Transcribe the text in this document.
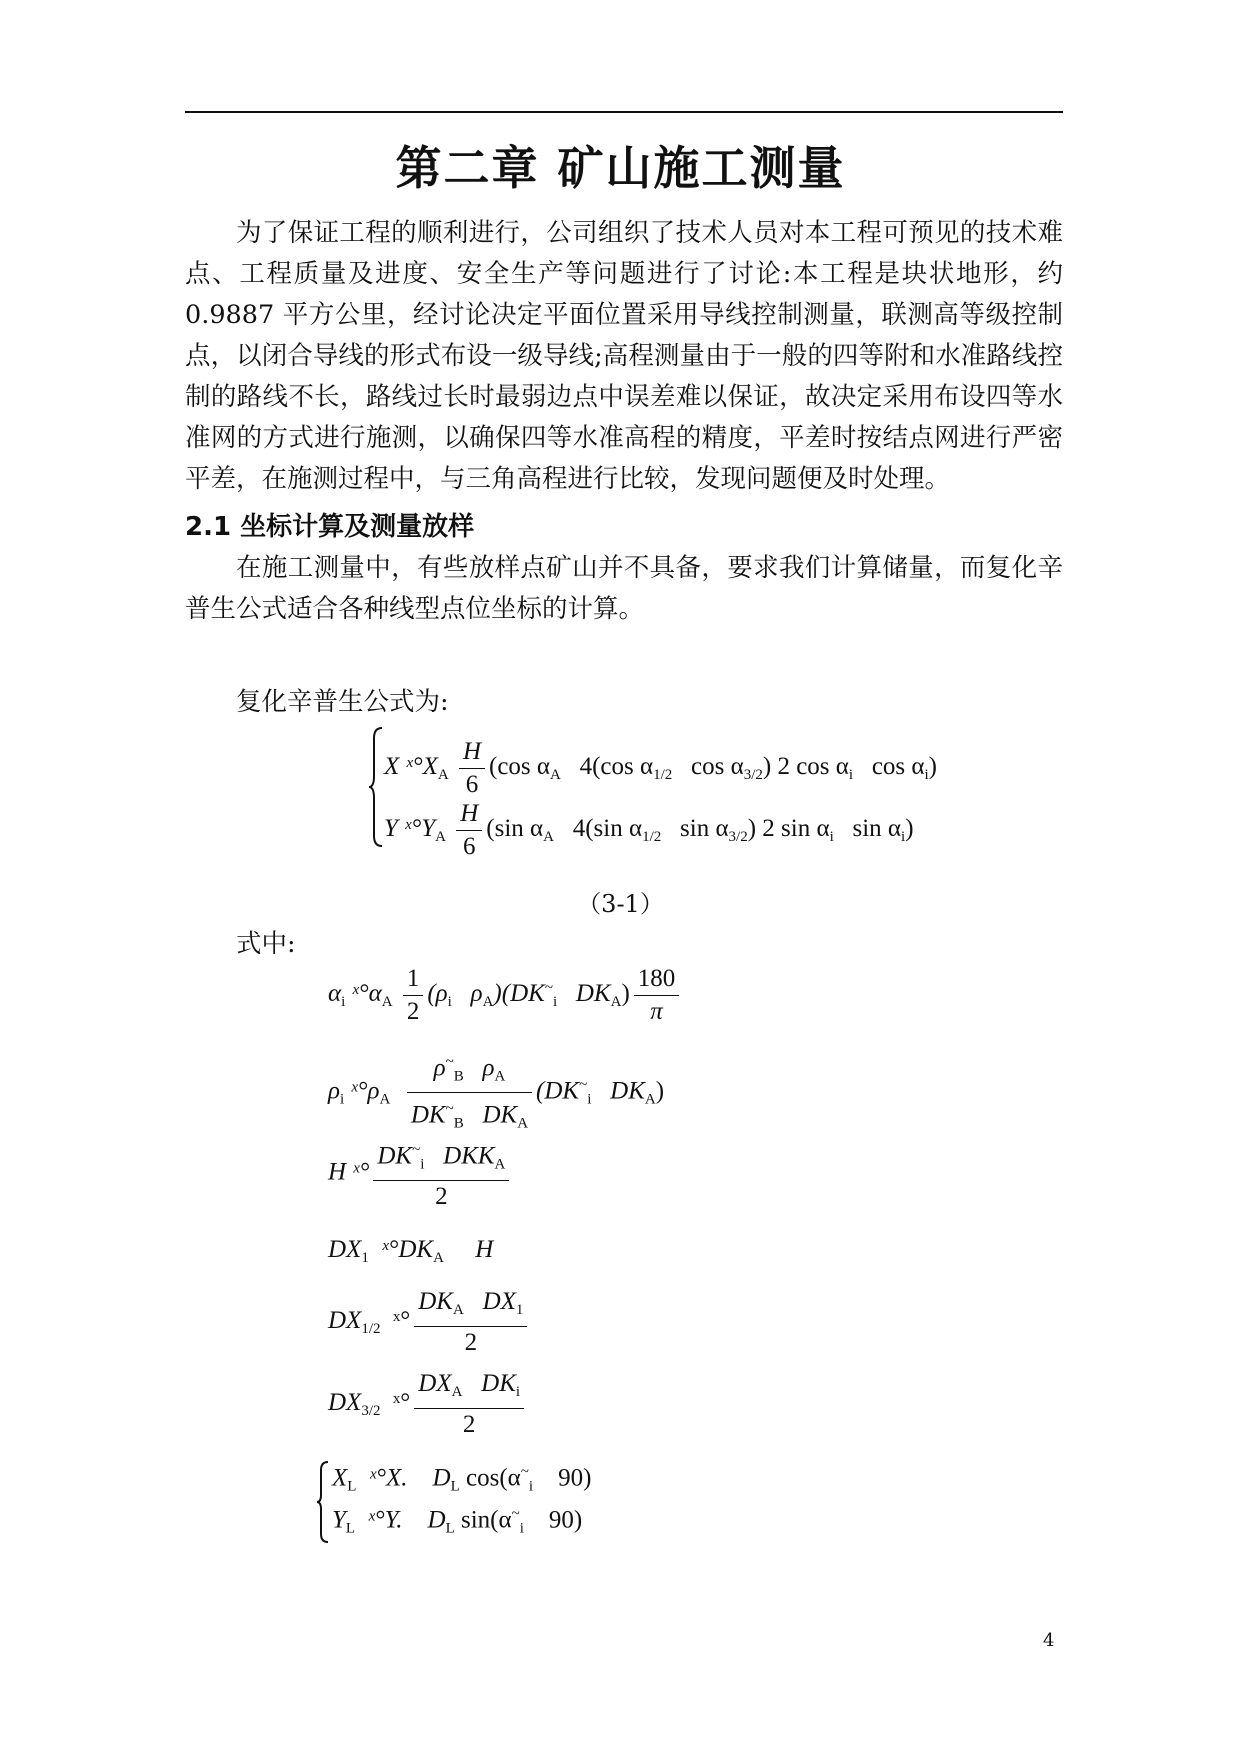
第二章 矿山施工测量

为了保证工程的顺利进行，公司组织了技术人员对本工程可预见的技术难点、工程质量及进度、安全生产等问题进行了讨论:本工程是块状地形，约 0.9887 平方公里，经讨论决定平面位置采用导线控制测量，联测高等级控制点，以闭合导线的形式布设一级导线;高程测量由于一般的四等附和水准路线控制的路线不长，路线过长时最弱边点中误差难以保证，故决定采用布设四等水准网的方式进行施测，以确保四等水准高程的精度，平差时按结点网进行严密平差，在施测过程中，与三角高程进行比较，发现问题便及时处理。

2.1 坐标计算及测量放样

在施工测量中，有些放样点矿山并不具备，要求我们计算储量，而复化辛普生公式适合各种线型点位坐标的计算。

复化辛普生公式为:
X $ˣ^\circ X_A \frac{H}{6} (\cos$ $\alpha_A$ 4(cos $\alpha_{1/2}$ $\cos \alpha_{3/2}$) 2 $\cos \alpha_i$ $\cos \alpha_i$)
Y $ˣ^\circ Y_A \frac{H}{6} (\sin$ $\alpha_A$ 4(sin $\alpha_{1/2}$ $\sin \alpha_{3/2}$) 2 $\sin \alpha_i$ $\sin \alpha_i$)
（3-1）
式中:
$\alpha_i$ $ˣ^\circ\alpha_A \frac{1}{2} (\rho_i$ $\rho_A)(DK^\sim_i$ $DK_A) \frac{180}{\pi}$
$\rho_i$ $ˣ^\circ\rho_A \frac{\rho^\sim_B \rho_A}{DK^\sim_B DK_A} (DK^\sim_i$ $DK_A$)
H ˣ° $\frac{DK^\sim_i DKK_A}{2}$
$DX_1$ $ˣ^\circ DK_A$ H
$DX_{1/2}$ ˣ° $\frac{DK_A DX_1}{2}$
$DX_{3/2}$ ˣ° $\frac{DX_A DK_i}{2}$
$X_L$ ˣ°X. $D_L$ $\cos(\alpha^\sim_i$ 90)
$Y_L$ ˣ°Y. $D_L$ $\sin(\alpha^\sim_i$ 90)
4
